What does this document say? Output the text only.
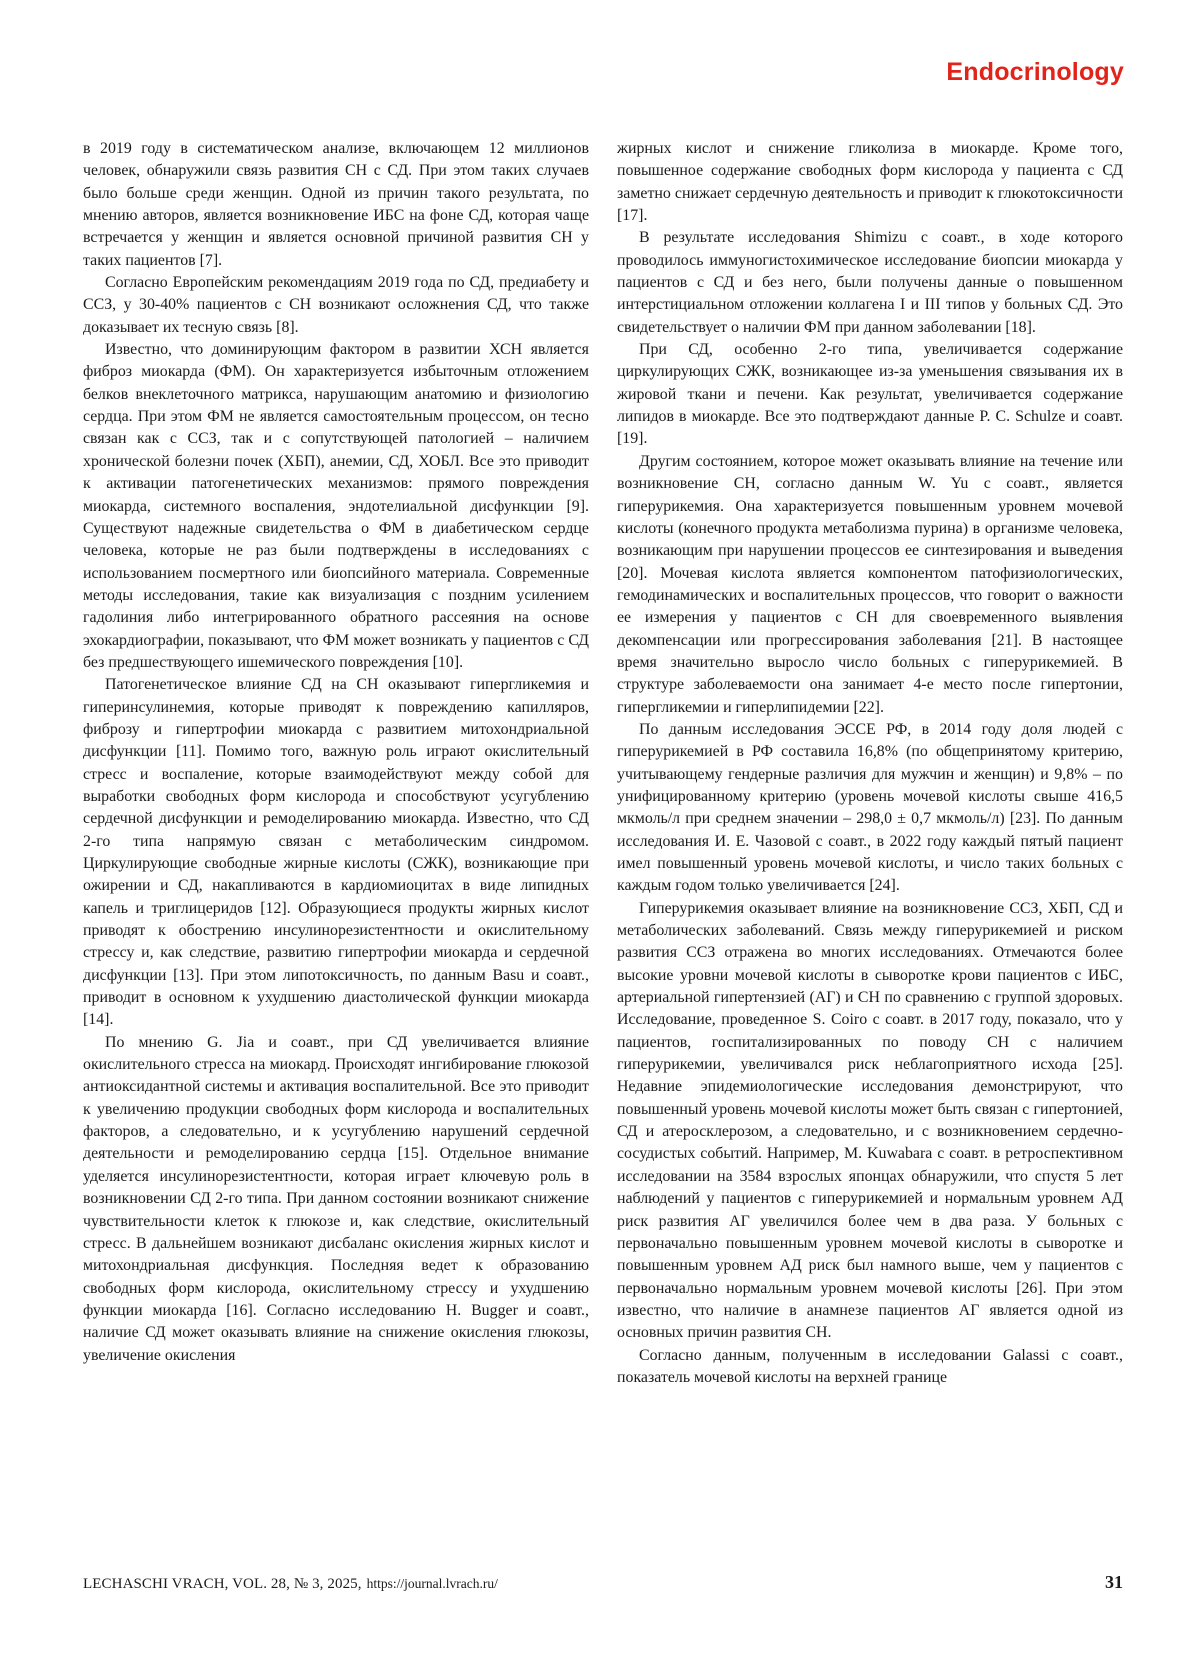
Endocrinology

в 2019 году в систематическом анализе, включающем 12 миллионов человек, обнаружили связь развития СН с СД. При этом таких случаев было больше среди женщин. Одной из причин такого результата, по мнению авторов, является возникновение ИБС на фоне СД, которая чаще встречается у женщин и является основной причиной развития СН у таких пациентов [7].

Согласно Европейским рекомендациям 2019 года по СД, предиабету и ССЗ, у 30-40% пациентов с СН возникают осложнения СД, что также доказывает их тесную связь [8].

Известно, что доминирующим фактором в развитии ХСН является фиброз миокарда (ФМ). Он характеризуется избыточным отложением белков внеклеточного матрикса, нарушающим анатомию и физиологию сердца. При этом ФМ не является самостоятельным процессом, он тесно связан как с ССЗ, так и с сопутствующей патологией – наличием хронической болезни почек (ХБП), анемии, СД, ХОБЛ. Все это приводит к активации патогенетических механизмов: прямого повреждения миокарда, системного воспаления, эндотелиальной дисфункции [9]. Существуют надежные свидетельства о ФМ в диабетическом сердце человека, которые не раз были подтверждены в исследованиях с использованием посмертного или биопсийного материала. Современные методы исследования, такие как визуализация с поздним усилением гадолиния либо интегрированного обратного рассеяния на основе эхокардиографии, показывают, что ФМ может возникать у пациентов с СД без предшествующего ишемического повреждения [10].

Патогенетическое влияние СД на СН оказывают гипергликемия и гиперинсулинемия, которые приводят к повреждению капилляров, фиброзу и гипертрофии миокарда с развитием митохондриальной дисфункции [11]. Помимо того, важную роль играют окислительный стресс и воспаление, которые взаимодействуют между собой для выработки свободных форм кислорода и способствуют усугублению сердечной дисфункции и ремоделированию миокарда. Известно, что СД 2-го типа напрямую связан с метаболическим синдромом. Циркулирующие свободные жирные кислоты (СЖК), возникающие при ожирении и СД, накапливаются в кардиомиоцитах в виде липидных капель и триглицеридов [12]. Образующиеся продукты жирных кислот приводят к обострению инсулинорезистентности и окислительному стрессу и, как следствие, развитию гипертрофии миокарда и сердечной дисфункции [13]. При этом липотоксичность, по данным Basu и соавт., приводит в основном к ухудшению диастолической функции миокарда [14].

По мнению G. Jia и соавт., при СД увеличивается влияние окислительного стресса на миокард. Происходят ингибирование глюкозой антиоксидантной системы и активация воспалительной. Все это приводит к увеличению продукции свободных форм кислорода и воспалительных факторов, а следовательно, и к усугублению нарушений сердечной деятельности и ремоделированию сердца [15]. Отдельное внимание уделяется инсулинорезистентности, которая играет ключевую роль в возникновении СД 2-го типа. При данном состоянии возникают снижение чувствительности клеток к глюкозе и, как следствие, окислительный стресс. В дальнейшем возникают дисбаланс окисления жирных кислот и митохондриальная дисфункция. Последняя ведет к образованию свободных форм кислорода, окислительному стрессу и ухудшению функции миокарда [16]. Согласно исследованию H. Bugger и соавт., наличие СД может оказывать влияние на снижение окисления глюкозы, увеличение окисления

жирных кислот и снижение гликолиза в миокарде. Кроме того, повышенное содержание свободных форм кислорода у пациента с СД заметно снижает сердечную деятельность и приводит к глюкотоксичности [17].

В результате исследования Shimizu с соавт., в ходе которого проводилось иммуногистохимическое исследование биопсии миокарда у пациентов с СД и без него, были получены данные о повышенном интерстициальном отложении коллагена I и III типов у больных СД. Это свидетельствует о наличии ФМ при данном заболевании [18].

При СД, особенно 2-го типа, увеличивается содержание циркулирующих СЖК, возникающее из-за уменьшения связывания их в жировой ткани и печени. Как результат, увеличивается содержание липидов в миокарде. Все это подтверждают данные P. C. Schulze и соавт. [19].

Другим состоянием, которое может оказывать влияние на течение или возникновение СН, согласно данным W. Yu с соавт., является гиперурикемия. Она характеризуется повышенным уровнем мочевой кислоты (конечного продукта метаболизма пурина) в организме человека, возникающим при нарушении процессов ее синтезирования и выведения [20]. Мочевая кислота является компонентом патофизиологических, гемодинамических и воспалительных процессов, что говорит о важности ее измерения у пациентов с СН для своевременного выявления декомпенсации или прогрессирования заболевания [21]. В настоящее время значительно выросло число больных с гиперурикемией. В структуре заболеваемости она занимает 4-е место после гипертонии, гипергликемии и гиперлипидемии [22].

По данным исследования ЭССЕ РФ, в 2014 году доля людей с гиперурикемией в РФ составила 16,8% (по общепринятому критерию, учитывающему гендерные различия для мужчин и женщин) и 9,8% – по унифицированному критерию (уровень мочевой кислоты свыше 416,5 мкмоль/л при среднем значении – 298,0 ± 0,7 мкмоль/л) [23]. По данным исследования И. Е. Чазовой с соавт., в 2022 году каждый пятый пациент имел повышенный уровень мочевой кислоты, и число таких больных с каждым годом только увеличивается [24].

Гиперурикемия оказывает влияние на возникновение ССЗ, ХБП, СД и метаболических заболеваний. Связь между гиперурикемией и риском развития ССЗ отражена во многих исследованиях. Отмечаются более высокие уровни мочевой кислоты в сыворотке крови пациентов с ИБС, артериальной гипертензией (АГ) и СН по сравнению с группой здоровых. Исследование, проведенное S. Coiro с соавт. в 2017 году, показало, что у пациентов, госпитализированных по поводу СН с наличием гиперурикемии, увеличивался риск неблагоприятного исхода [25]. Недавние эпидемиологические исследования демонстрируют, что повышенный уровень мочевой кислоты может быть связан с гипертонией, СД и атеросклерозом, а следовательно, и с возникновением сердечно-сосудистых событий. Например, M. Kuwabara с соавт. в ретроспективном исследовании на 3584 взрослых японцах обнаружили, что спустя 5 лет наблюдений у пациентов с гиперурикемией и нормальным уровнем АД риск развития АГ увеличился более чем в два раза. У больных с первоначально повышенным уровнем мочевой кислоты в сыворотке и повышенным уровнем АД риск был намного выше, чем у пациентов с первоначально нормальным уровнем мочевой кислоты [26]. При этом известно, что наличие в анамнезе пациентов АГ является одной из основных причин развития СН.

Согласно данным, полученным в исследовании Galassi с соавт., показатель мочевой кислоты на верхней границе

LECHASCHI VRACH, VOL. 28, № 3, 2025, https://journal.lvrach.ru/	31
